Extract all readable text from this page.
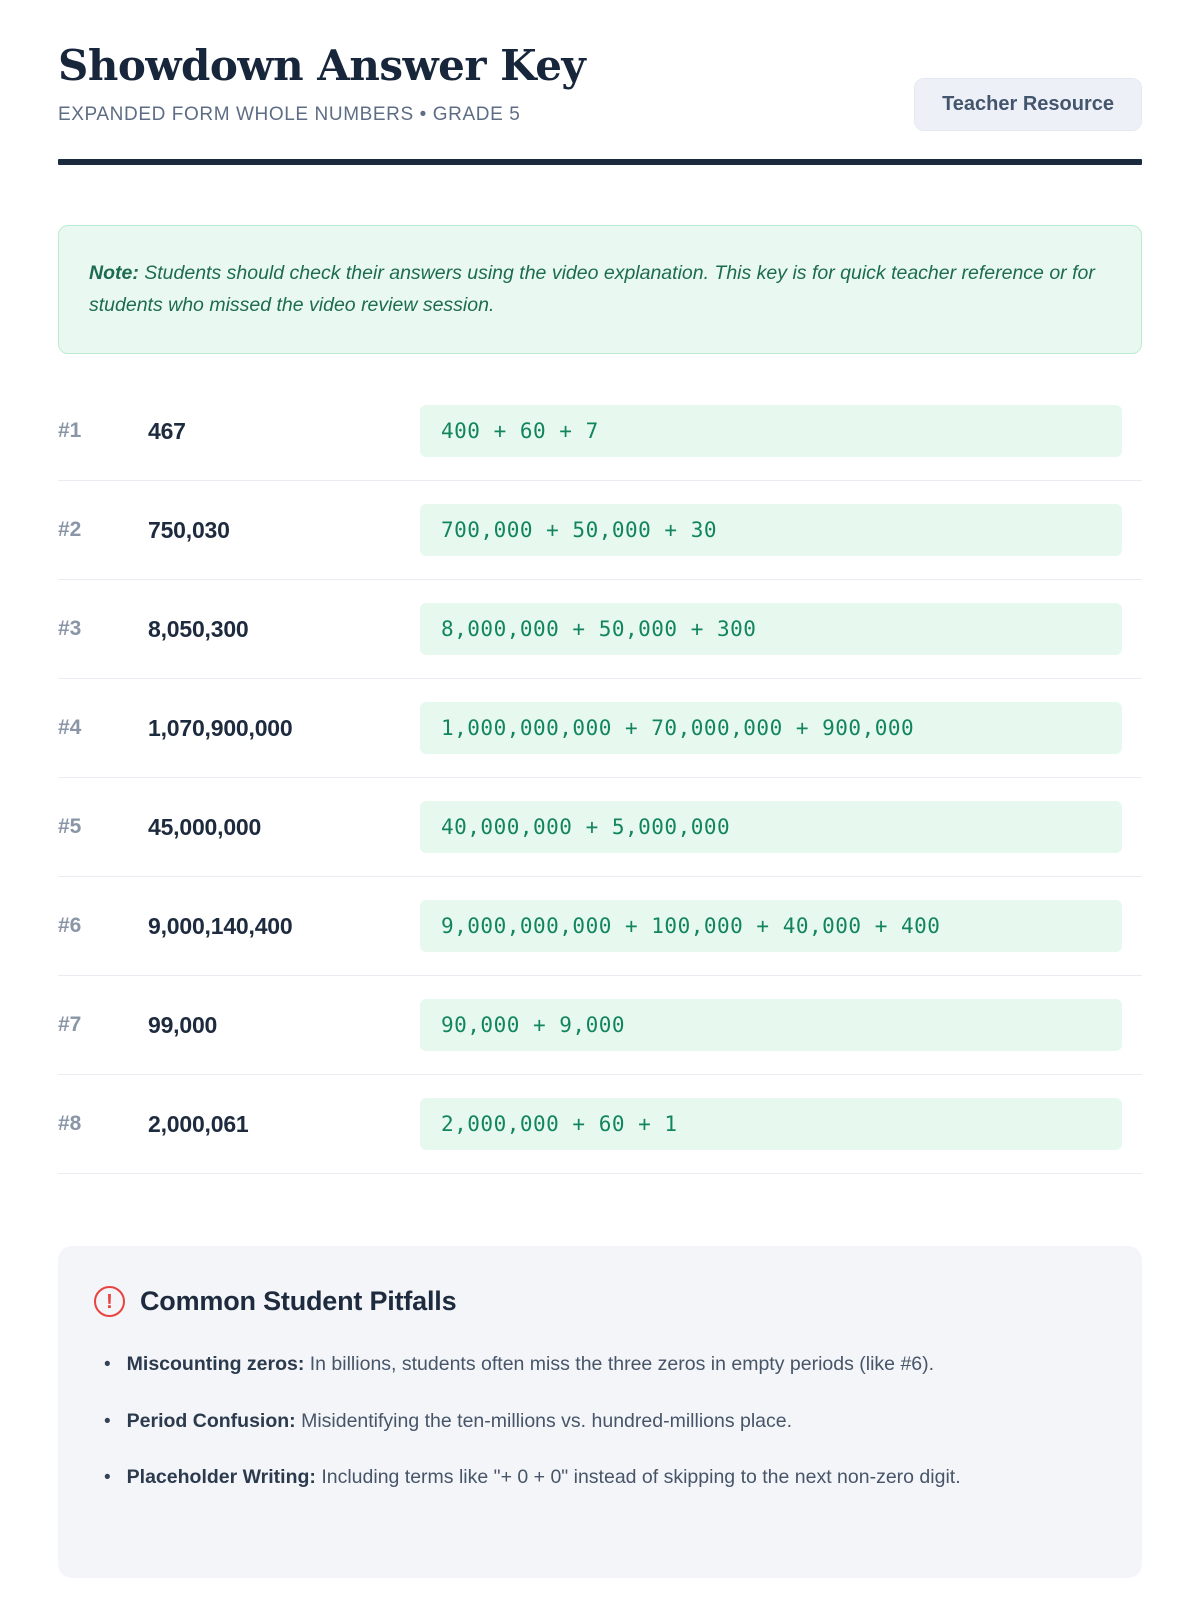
Showdown Answer Key
EXPANDED FORM WHOLE NUMBERS • GRADE 5	Teacher Resource
Note: Students should check their answers using the video explanation. This key is for quick teacher reference or for students who missed the video review session.
#1	467	400 + 60 + 7
#2	750,030	700,000 + 50,000 + 30
#3	8,050,300	8,000,000 + 50,000 + 300
#4	1,070,900,000	1,000,000,000 + 70,000,000 + 900,000
#5	45,000,000	40,000,000 + 5,000,000
#6	9,000,140,400	9,000,000,000 + 100,000 + 40,000 + 400
#7	99,000	90,000 + 9,000
#8	2,000,061	2,000,000 + 60 + 1
!	Common Student Pitfalls
• Miscounting zeros: In billions, students often miss the three zeros in empty periods (like #6).
• Period Confusion: Misidentifying the ten-millions vs. hundred-millions place.
• Placeholder Writing: Including terms like "+ 0 + 0" instead of skipping to the next non-zero digit.
